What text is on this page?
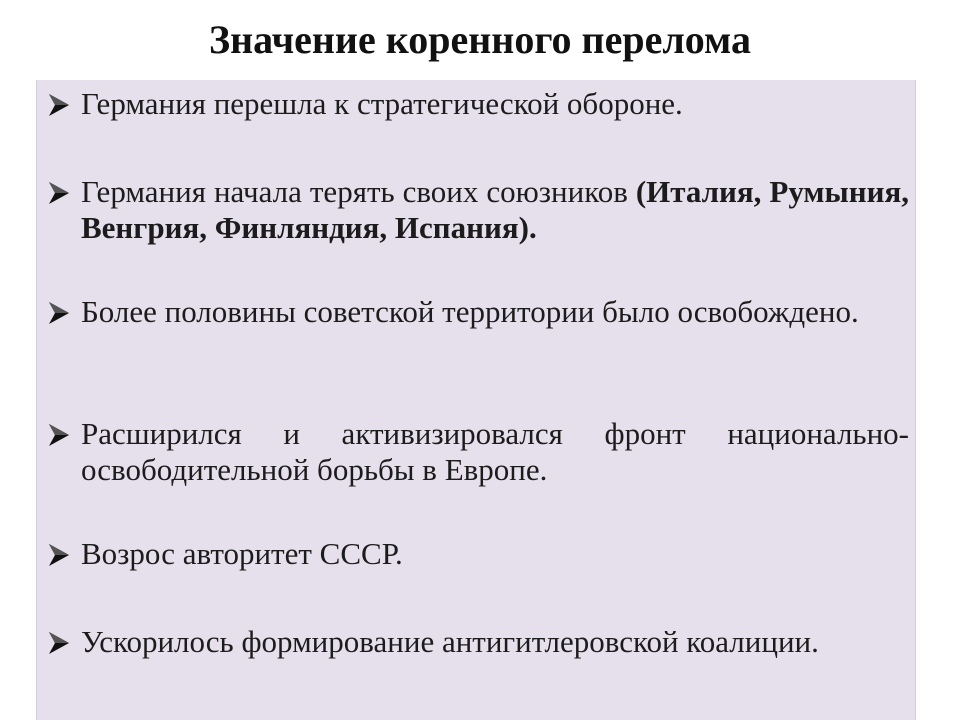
Значение коренного перелома
Германия перешла к стратегической обороне.
Германия начала терять своих союзников (Италия, Румыния, Венгрия, Финляндия, Испания).
Более половины советской территории было освобождено.
Расширился и активизировался фронт национально-освободительной борьбы в Европе.
Возрос авторитет СССР.
Ускорилось формирование антигитлеровской коалиции.
